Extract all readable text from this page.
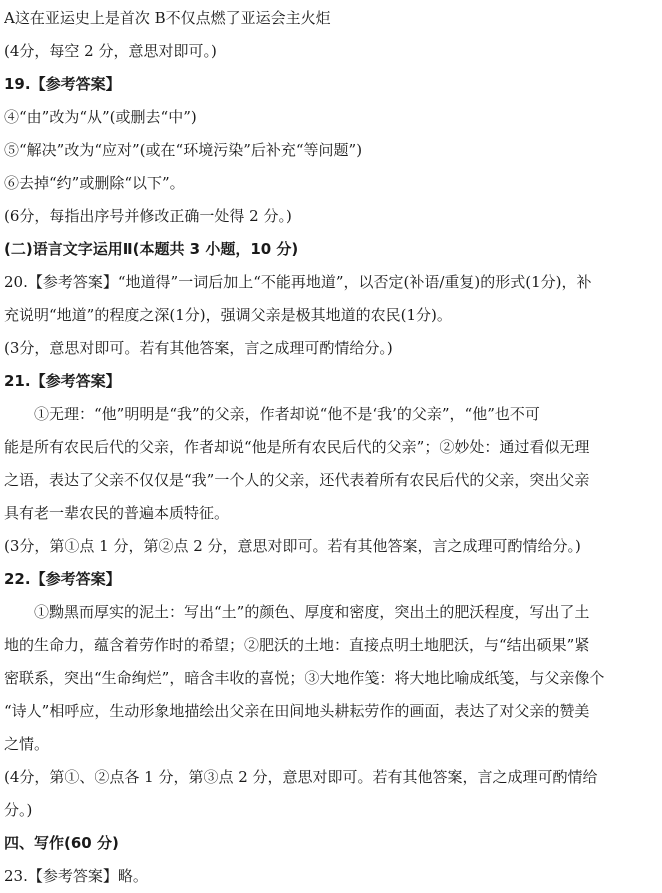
A这在亚运史上是首次 B不仅点燃了亚运会主火炬
(4分，每空 2 分，意思对即可。)
19.【参考答案】
④“由”改为“从”(或删去“中”)
⑤“解决”改为“应对”(或在“环境污染”后补充“等问题”)
⑥去掉“约”或删除“以下”。
(6分，每指出序号并修改正确一处得 2 分。)
(二)语言文字运用Ⅱ(本题共 3 小题，10 分)
20.【参考答案】“地道得”一词后加上“不能再地道”，以否定(补语/重复)的形式(1分)，补
充说明“地道”的程度之深(1分)，强调父亲是极其地道的农民(1分)。
(3分，意思对即可。若有其他答案，言之成理可酌情给分。)
21.【参考答案】
①无理：“他”明明是“我”的父亲，作者却说“他不是‘我’的父亲”，“他”也不可
能是所有农民后代的父亲，作者却说“他是所有农民后代的父亲”；②妙处：通过看似无理
之语，表达了父亲不仅仅是“我”一个人的父亲，还代表着所有农民后代的父亲，突出父亲
具有老一辈农民的普遍本质特征。
(3分，第①点 1 分，第②点 2 分，意思对即可。若有其他答案，言之成理可酌情给分。)
22.【参考答案】
①黝黑而厚实的泥土：写出“土”的颜色、厚度和密度，突出土的肥沃程度，写出了土
地的生命力，蕴含着劳作时的希望；②肥沃的土地：直接点明土地肥沃，与“结出硕果”紧
密联系，突出“生命绚烂”，暗含丰收的喜悦；③大地作笺：将大地比喻成纸笺，与父亲像个
“诗人”相呼应，生动形象地描绘出父亲在田间地头耕耘劳作的画面，表达了对父亲的赞美
之情。
(4分，第①、②点各 1 分，第③点 2 分，意思对即可。若有其他答案，言之成理可酌情给
分。)
四、写作(60 分)
23.【参考答案】略。
